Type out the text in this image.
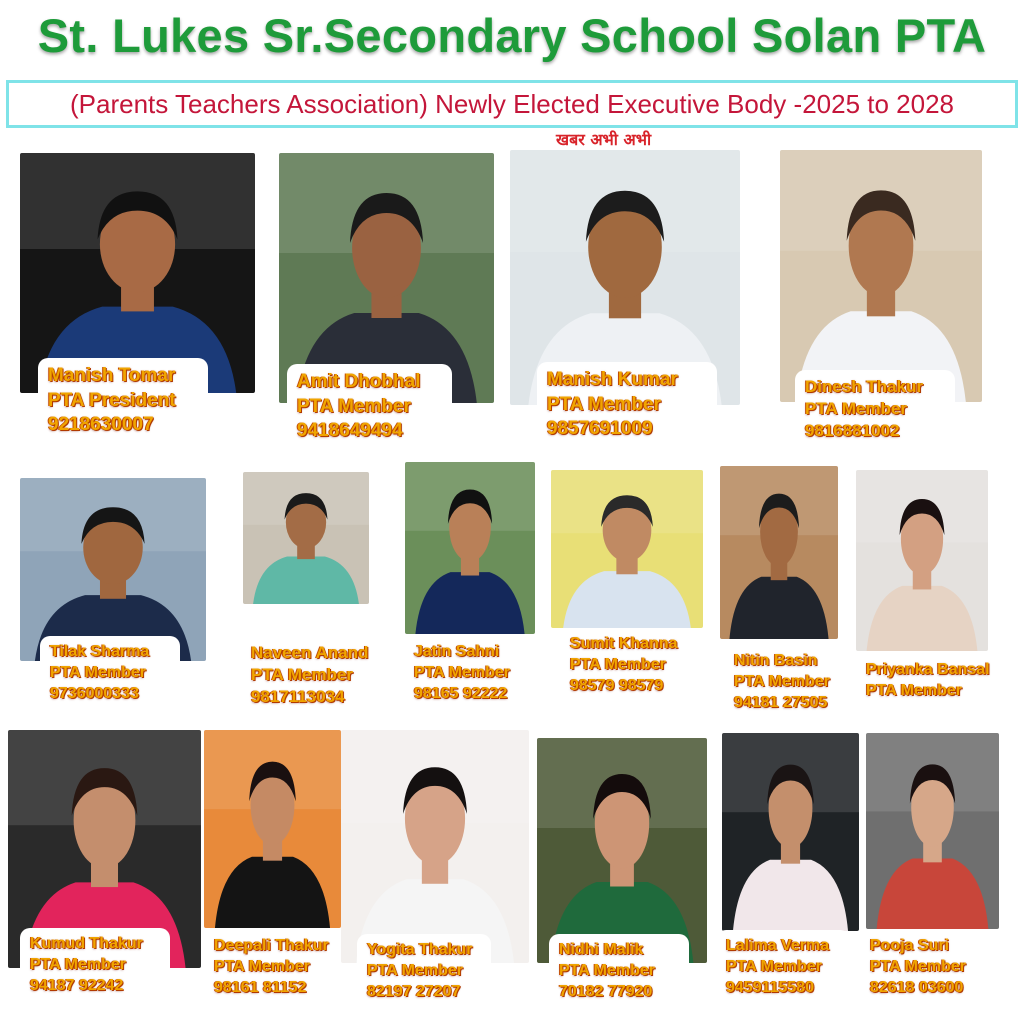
St. Lukes Sr.Secondary School Solan PTA
(Parents Teachers Association) Newly Elected Executive Body -2025 to 2028
Manish Tomar
PTA President
9218630007
Amit Dhobhal
PTA Member
9418649494
Manish Kumar
PTA Member
9857691009
Dinesh Thakur
PTA Member
9816881002
Tilak Sharma
PTA Member
9736000333
Naveen Anand
PTA Member
9817113034
Jatin Sahni
PTA Member
98165 92222
Sumit Khanna
PTA Member
98579 98579
Nitin Basin
PTA Member
94181 27505
Priyanka Bansal
PTA Member
Kumud Thakur
PTA Member
94187 92242
Deepali Thakur
PTA Member
98161 81152
Yogita Thakur
PTA Member
82197 27207
Nidhi Malik
PTA Member
70182 77920
Lalima Verma
PTA Member
9459115580
Pooja Suri
PTA Member
82618 03600
खबर अभी अभी
